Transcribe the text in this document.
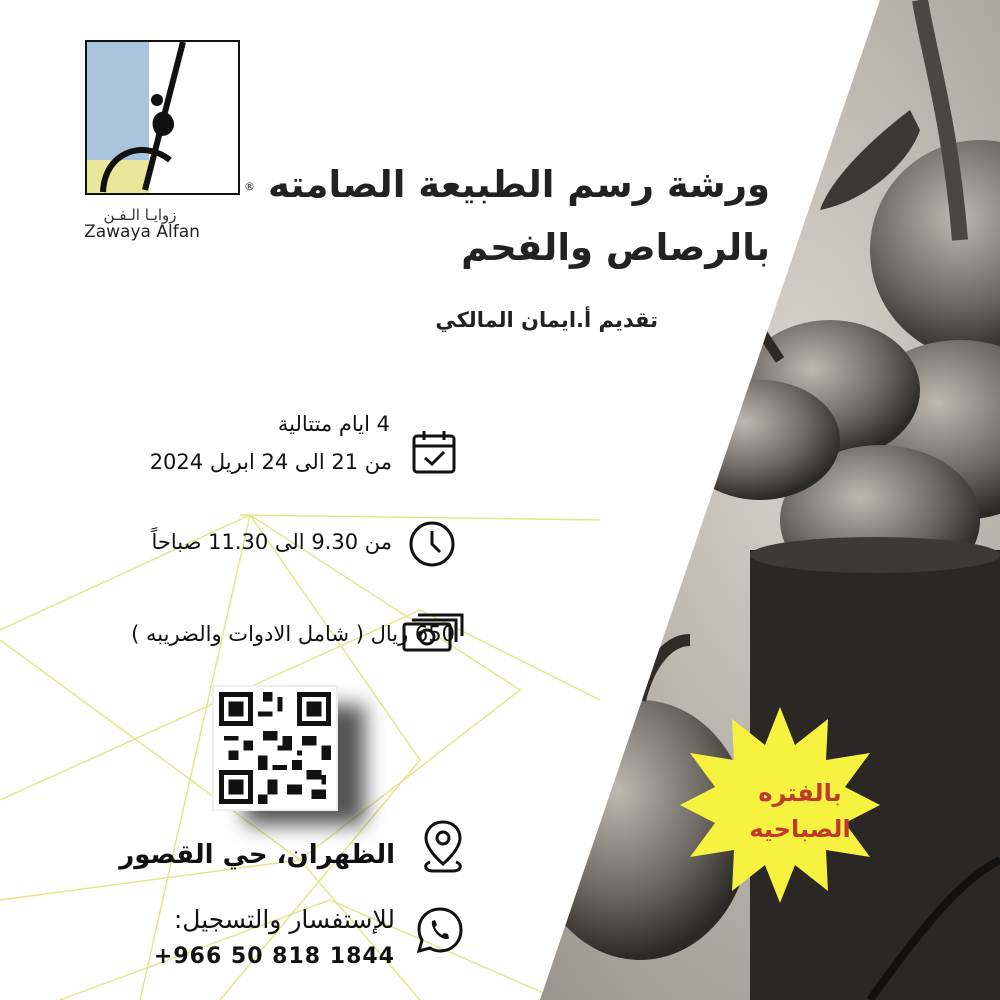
زوايـا الـفـن
Zawaya Alfan
® ورشة رسم الطبيعة الصامته
بالرصاص والفحم
تقديم أ.ايمان المالكي
4 ايام متتالية
من 21 الى 24 ابريل 2024
من 9.30 الى 11.30 صباحاً
650 ريال ( شامل الادوات والضريبه )
الظهران، حي القصور
للإستفسار والتسجيل:
+966 50 818 1844
بالفتره
الصباحيه
